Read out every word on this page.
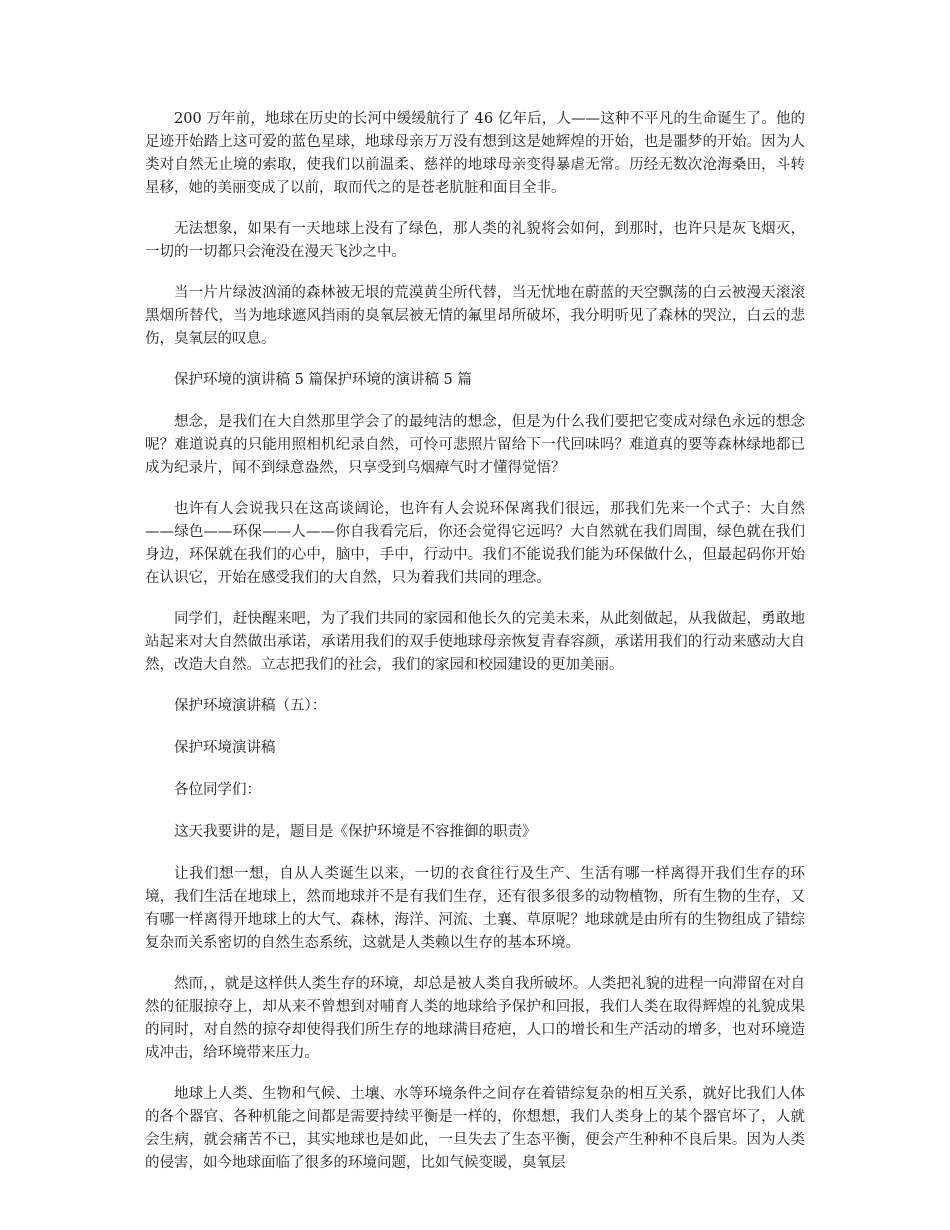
200 万年前，地球在历史的长河中缓缓航行了 46 亿年后，人——这种不平凡的生命诞生了。他的足迹开始踏上这可爱的蓝色星球，地球母亲万万没有想到这是她辉煌的开始，也是噩梦的开始。因为人类对自然无止境的索取，使我们以前温柔、慈祥的地球母亲变得暴虐无常。历经无数次沧海桑田，斗转星移，她的美丽变成了以前，取而代之的是苍老肮脏和面目全非。

无法想象，如果有一天地球上没有了绿色，那人类的礼貌将会如何，到那时，也许只是灰飞烟灭，一切的一切都只会淹没在漫天飞沙之中。

当一片片绿波汹涌的森林被无垠的荒漠黄尘所代替，当无忧地在蔚蓝的天空飘荡的白云被漫天滚滚黑烟所替代，当为地球遮风挡雨的臭氧层被无情的氟里昂所破坏，我分明听见了森林的哭泣，白云的悲伤，臭氧层的叹息。

保护环境的演讲稿 5 篇保护环境的演讲稿 5 篇

想念，是我们在大自然那里学会了的最纯洁的想念，但是为什么我们要把它变成对绿色永远的想念呢？难道说真的只能用照相机纪录自然，可怜可悲照片留给下一代回味吗？难道真的要等森林绿地都已成为纪录片，闻不到绿意盎然，只享受到乌烟瘴气时才懂得觉悟？

也许有人会说我只在这高谈阔论，也许有人会说环保离我们很远，那我们先来一个式子：大自然——绿色——环保——人——你自我看完后，你还会觉得它远吗？大自然就在我们周围，绿色就在我们身边，环保就在我们的心中，脑中，手中，行动中。我们不能说我们能为环保做什么，但最起码你开始在认识它，开始在感受我们的大自然，只为着我们共同的理念。

同学们，赶快醒来吧，为了我们共同的家园和他长久的完美未来，从此刻做起，从我做起，勇敢地站起来对大自然做出承诺，承诺用我们的双手使地球母亲恢复青春容颜，承诺用我们的行动来感动大自然，改造大自然。立志把我们的社会，我们的家园和校园建设的更加美丽。

保护环境演讲稿（五）：

保护环境演讲稿

各位同学们：

这天我要讲的是，题目是《保护环境是不容推御的职责》

让我们想一想，自从人类诞生以来，一切的衣食往行及生产、生活有哪一样离得开我们生存的环境，我们生活在地球上，然而地球并不是有我们生存，还有很多很多的动物植物，所有生物的生存，又有哪一样离得开地球上的大气、森林，海洋、河流、土襄、草原呢？地球就是由所有的生物组成了错综复杂而关系密切的自然生态系统，这就是人类赖以生存的基本环境。

然而，，就是这样供人类生存的环境，却总是被人类自我所破坏。人类把礼貌的进程一向滞留在对自然的征服掠夺上，却从来不曾想到对哺育人类的地球给予保护和回报，我们人类在取得辉煌的礼貌成果的同时，对自然的掠夺却使得我们所生存的地球满目疮疤，人口的增长和生产活动的增多，也对环境造成冲击，给环境带来压力。

地球上人类、生物和气候、土壤、水等环境条件之间存在着错综复杂的相互关系，就好比我们人体的各个器官、各种机能之间都是需要持续平衡是一样的，你想想，我们人类身上的某个器官坏了，人就会生病，就会痛苦不已，其实地球也是如此，一旦失去了生态平衡，便会产生种种不良后果。因为人类的侵害，如今地球面临了很多的环境问题，比如气候变暖，臭氧层
